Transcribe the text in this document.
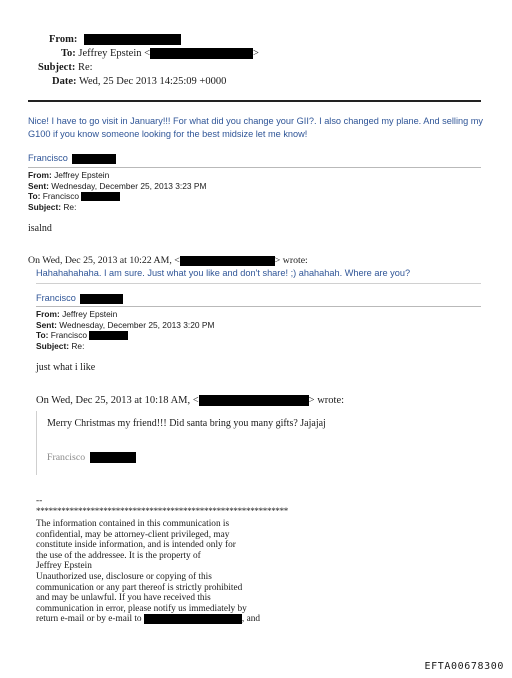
From:
To: Jeffrey Epstein <	>
Subject: Re:
Date: Wed, 25 Dec 2013 14:25:09 +0000
Nice! I have to go visit in January!!! For what did you change your GII?. I also changed my plane. And selling my
G100 if you know someone looking for the best midsize let me know!
Francisco
From: Jeffrey Epstein
Sent: Wednesday, December 25, 2013 3:23 PM
To: Francisco
Subject: Re:
isalnd
On Wed, Dec 25, 2013 at 10:22 AM, <	> wrote:
Hahahahahaha. I am sure. Just what you like and don't share! ;) ahahahah. Where are you?
Francisco
From: Jeffrey Epstein
Sent: Wednesday, December 25, 2013 3:20 PM
To: Francisco
Subject: Re:
just what i like
On Wed, Dec 25, 2013 at 10:18 AM, <	> wrote:
Merry Christmas my friend!!! Did santa bring you many gifts? Jajajaj
Francisco
--
************************************************************
The information contained in this communication is
confidential, may be attorney-client privileged, may
constitute inside information, and is intended only for
the use of the addressee. It is the property of
Jeffrey Epstein
Unauthorized use, disclosure or copying of this
communication or any part thereof is strictly prohibited
and may be unlawful. If you have received this
communication in error, please notify us immediately by
return e-mail or by e-mail to	, and
EFTA00678300
